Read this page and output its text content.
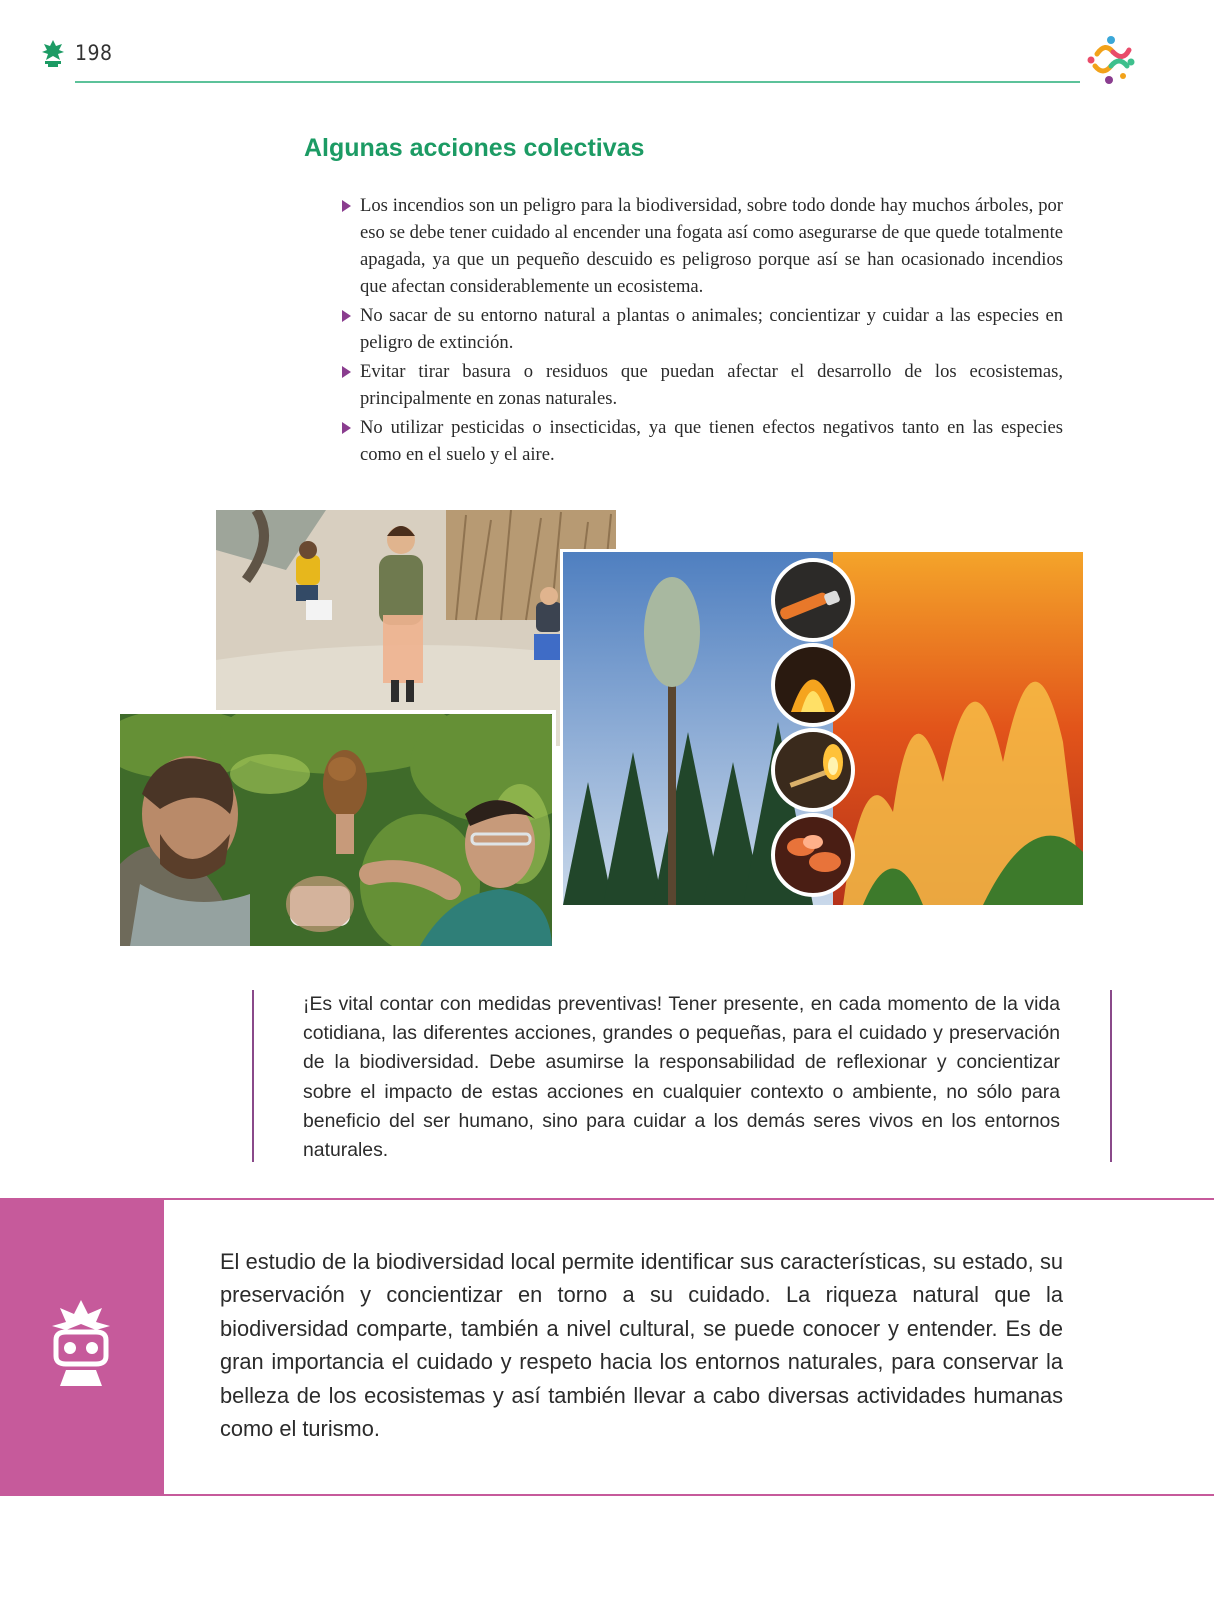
198
Algunas acciones colectivas
Los incendios son un peligro para la biodiversidad, sobre todo donde hay muchos árboles, por eso se debe tener cuidado al encender una fogata así como asegurarse de que quede totalmente apagada, ya que un pequeño descuido es peligroso porque así se han ocasionado incendios que afectan considerablemente un ecosistema.
No sacar de su entorno natural a plantas o animales; concientizar y cuidar a las especies en peligro de extinción.
Evitar tirar basura o residuos que puedan afectar el desarrollo de los ecosistemas, principalmente en zonas naturales.
No utilizar pesticidas o insecticidas, ya que tienen efectos negativos tanto en las especies como en el suelo y el aire.

¡Es vital contar con medidas preventivas! Tener presente, en cada momento de la vida cotidiana, las diferentes acciones, grandes o pequeñas, para el cuidado y preservación de la biodiversidad. Debe asumirse la responsabilidad de reflexionar y concientizar sobre el impacto de estas acciones en cualquier contexto o ambiente, no sólo para beneficio del ser humano, sino para cuidar a los demás seres vivos en los entornos naturales.

El estudio de la biodiversidad local permite identificar sus características, su estado, su preservación y concientizar en torno a su cuidado. La riqueza natural que la biodiversidad comparte, también a nivel cultural, se puede conocer y entender. Es de gran importancia el cuidado y respeto hacia los entornos naturales, para conservar la belleza de los ecosistemas y así también llevar a cabo diversas actividades humanas como el turismo.
